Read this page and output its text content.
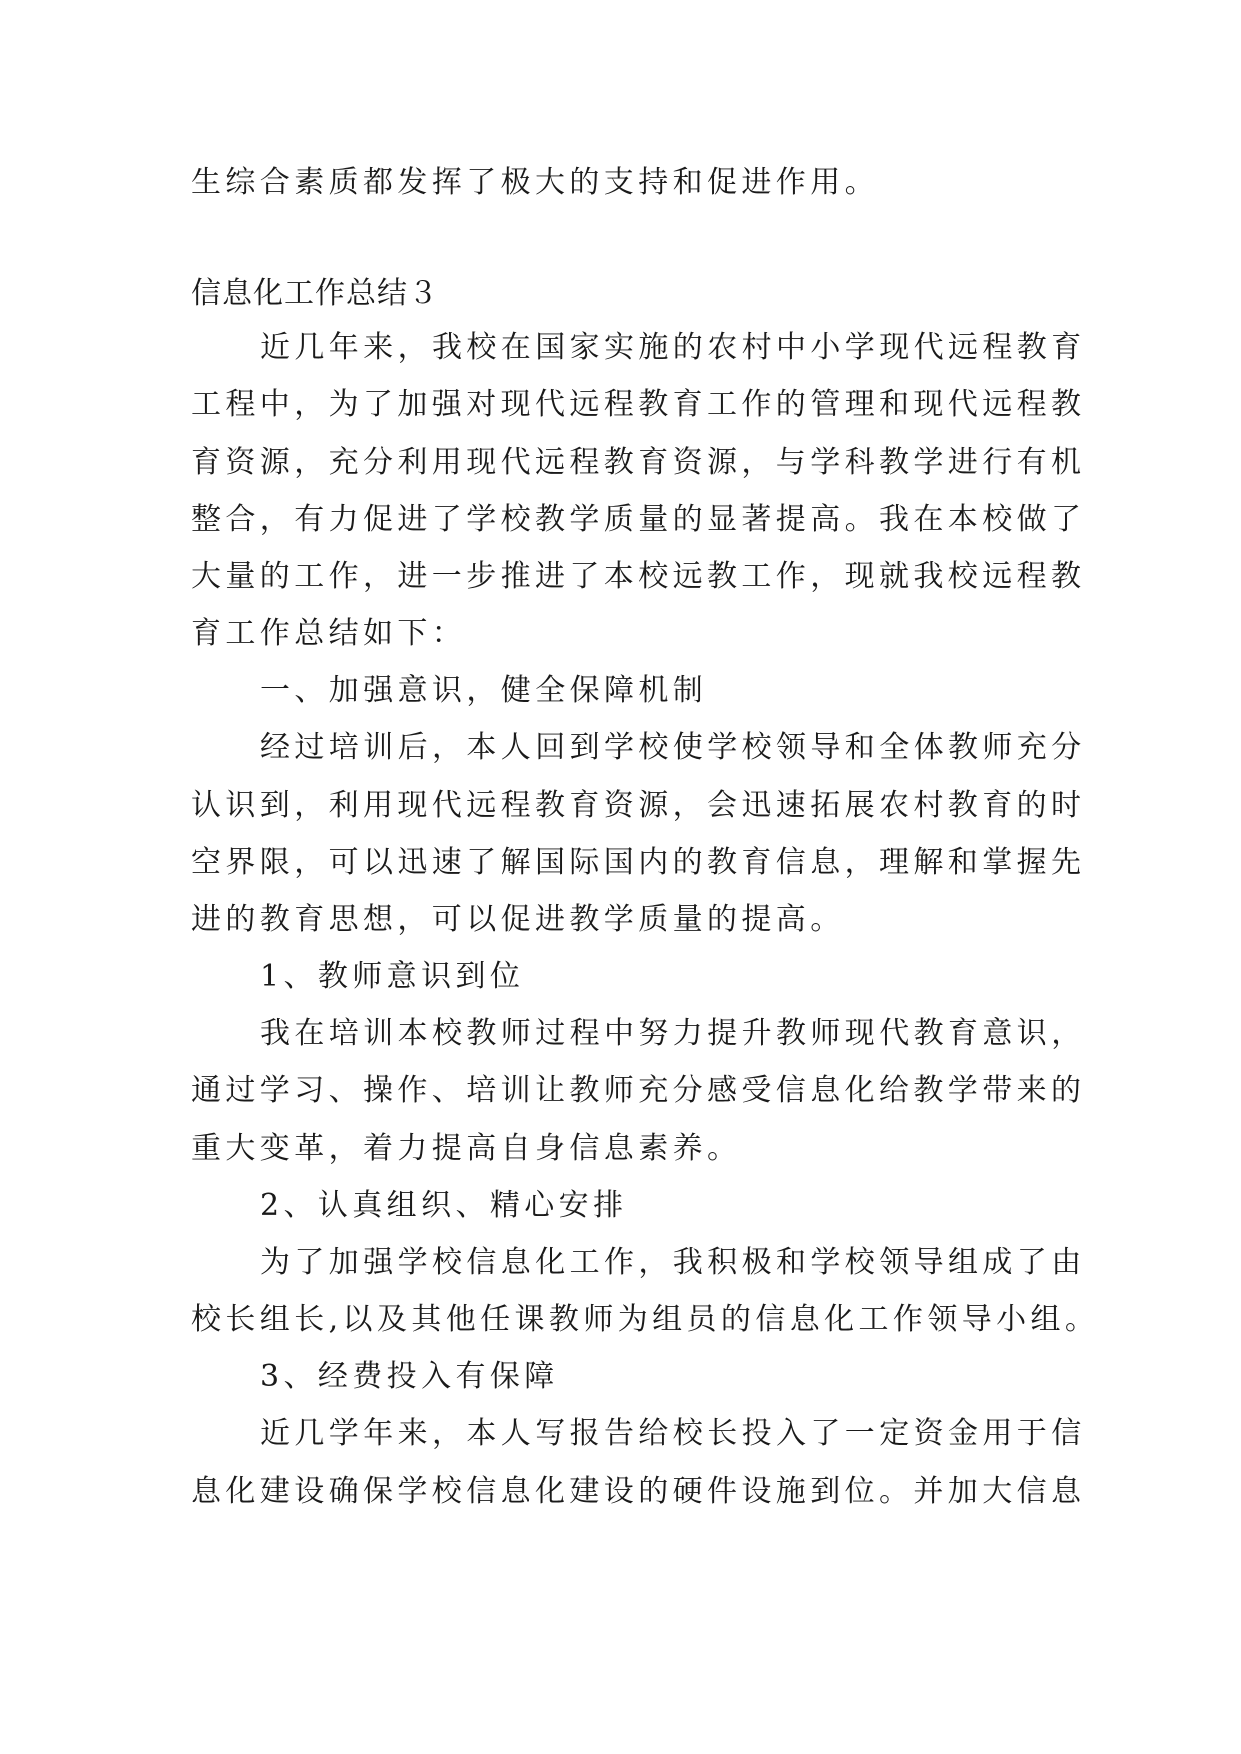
生综合素质都发挥了极大的支持和促进作用。
信息化工作总结３
近几年来，我校在国家实施的农村中小学现代远程教育
工程中，为了加强对现代远程教育工作的管理和现代远程教
育资源，充分利用现代远程教育资源，与学科教学进行有机
整合，有力促进了学校教学质量的显著提高。我在本校做了
大量的工作，进一步推进了本校远教工作，现就我校远程教
育工作总结如下：
一、加强意识，健全保障机制
经过培训后，本人回到学校使学校领导和全体教师充分
认识到，利用现代远程教育资源，会迅速拓展农村教育的时
空界限，可以迅速了解国际国内的教育信息，理解和掌握先
进的教育思想，可以促进教学质量的提高。
1、教师意识到位
我在培训本校教师过程中努力提升教师现代教育意识，
通过学习、操作、培训让教师充分感受信息化给教学带来的
重大变革，着力提高自身信息素养。
2、认真组织、精心安排
为了加强学校信息化工作，我积极和学校领导组成了由
校长组长,以及其他任课教师为组员的信息化工作领导小组。
3、经费投入有保障
近几学年来，本人写报告给校长投入了一定资金用于信
息化建设确保学校信息化建设的硬件设施到位。并加大信息
